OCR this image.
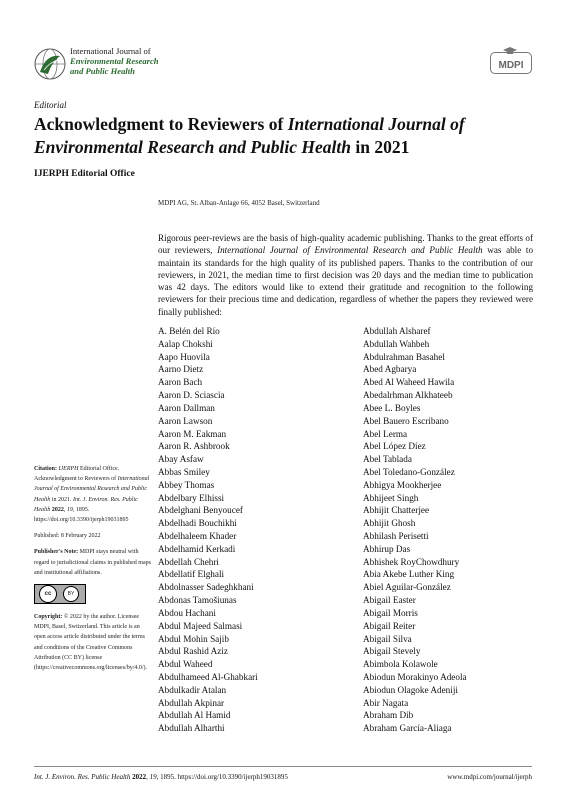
International Journal of
Environmental Research
and Public Health	MDPI
Editorial
Acknowledgment to Reviewers of International Journal of Environmental Research and Public Health in 2021
IJERPH Editorial Office
MDPI AG, St. Alban-Anlage 66, 4052 Basel, Switzerland
Rigorous peer-reviews are the basis of high-quality academic publishing. Thanks to the great efforts of our reviewers, International Journal of Environmental Research and Public Health was able to maintain its standards for the high quality of its published papers. Thanks to the contribution of our reviewers, in 2021, the median time to first decision was 20 days and the median time to publication was 42 days. The editors would like to extend their gratitude and recognition to the following reviewers for their precious time and dedication, regardless of whether the papers they reviewed were finally published:

Citation: IJERPH Editorial Office. Acknowledgment to Reviewers of International Journal of Environmental Research and Public Health in 2021. Int. J. Environ. Res. Public Health 2022, 19, 1895. https://doi.org/10.3390/ijerph19031895

Published: 8 February 2022

Publisher's Note: MDPI stays neutral with regard to jurisdictional claims in published maps and institutional affiliations.

cc	BY

Copyright: © 2022 by the author. Licensee MDPI, Basel, Switzerland. This article is an open access article distributed under the terms and conditions of the Creative Commons Attribution (CC BY) license (https://creativecommons.org/licenses/by/4.0/).

A. Belén del Río
Aalap Chokshi
Aapo Huovila
Aarno Dietz
Aaron Bach
Aaron D. Sciascia
Aaron Dallman
Aaron Lawson
Aaron M. Eakman
Aaron R. Ashbrook
Abay Asfaw
Abbas Smiley
Abbey Thomas
Abdelbary Elhissi
Abdelghani Benyoucef
Abdelhadi Bouchikhi
Abdelhaleem Khader
Abdelhamid Kerkadi
Abdellah Chehri
Abdellatif Elghali
Abdolnasser Sadeghkhani
Abdonas Tamošiunas
Abdou Hachani
Abdul Majeed Salmasi
Abdul Mohin Sajib
Abdul Rashid Aziz
Abdul Waheed
Abdulhameed Al-Ghabkari
Abdulkadir Atalan
Abdullah Akpinar
Abdullah Al Hamid
Abdullah Alharthi
Abdullah Alsharef
Abdullah Wahbeh
Abdulrahman Basahel
Abed Agbarya
Abed Al Waheed Hawila
Abedalrhman Alkhateeb
Abee L. Boyles
Abel Bauero Escribano
Abel Lerma
Abel López Díez
Abel Tablada
Abel Toledano-González
Abhigya Mookherjee
Abhijeet Singh
Abhijit Chatterjee
Abhijit Ghosh
Abhilash Perisetti
Abhirup Das
Abhishek RoyChowdhury
Abia Akebe Luther King
Abiel Aguilar-González
Abigail Easter
Abigail Morris
Abigail Reiter
Abigail Silva
Abigail Stevely
Abimbola Kolawole
Abiodun Morakinyo Adeola
Abiodun Olagoke Adeniji
Abir Nagata
Abraham Dib
Abraham García-Aliaga
Int. J. Environ. Res. Public Health 2022, 19, 1895. https://doi.org/10.3390/ijerph19031895	www.mdpi.com/journal/ijerph
